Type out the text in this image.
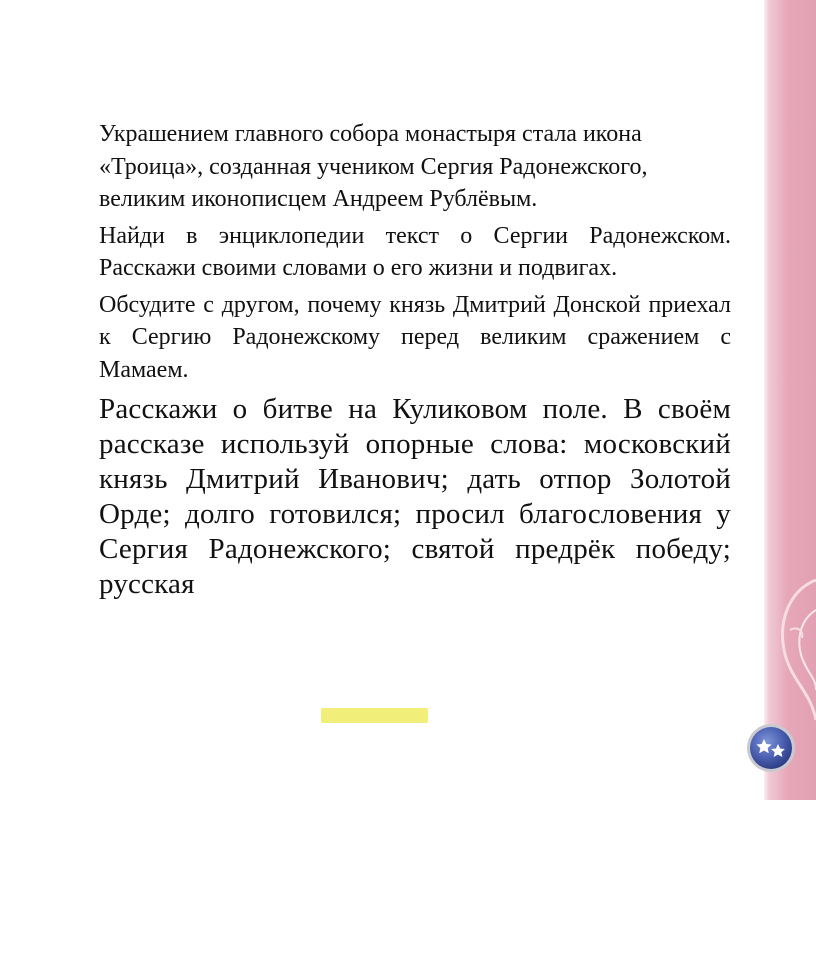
Украшением главного собора монастыря стала икона «Троица», созданная учеником Сергия Радонежского, великим иконописцем Андреем Рублёвым.

Найди в энциклопедии текст о Сергии Радонежском. Расскажи своими словами о его жизни и подвигах.

Обсудите с другом, почему князь Дмитрий Донской приехал к Сергию Радонежскому перед великим сражением с Мамаем.

Расскажи о битве на Куликовом поле. В своём рассказе используй опорные слова: московский князь Дмитрий Иванович; дать отпор Золотой Орде; долго готовился; просил благословения у Сергия Радонежского; святой предрёк победу; русская
